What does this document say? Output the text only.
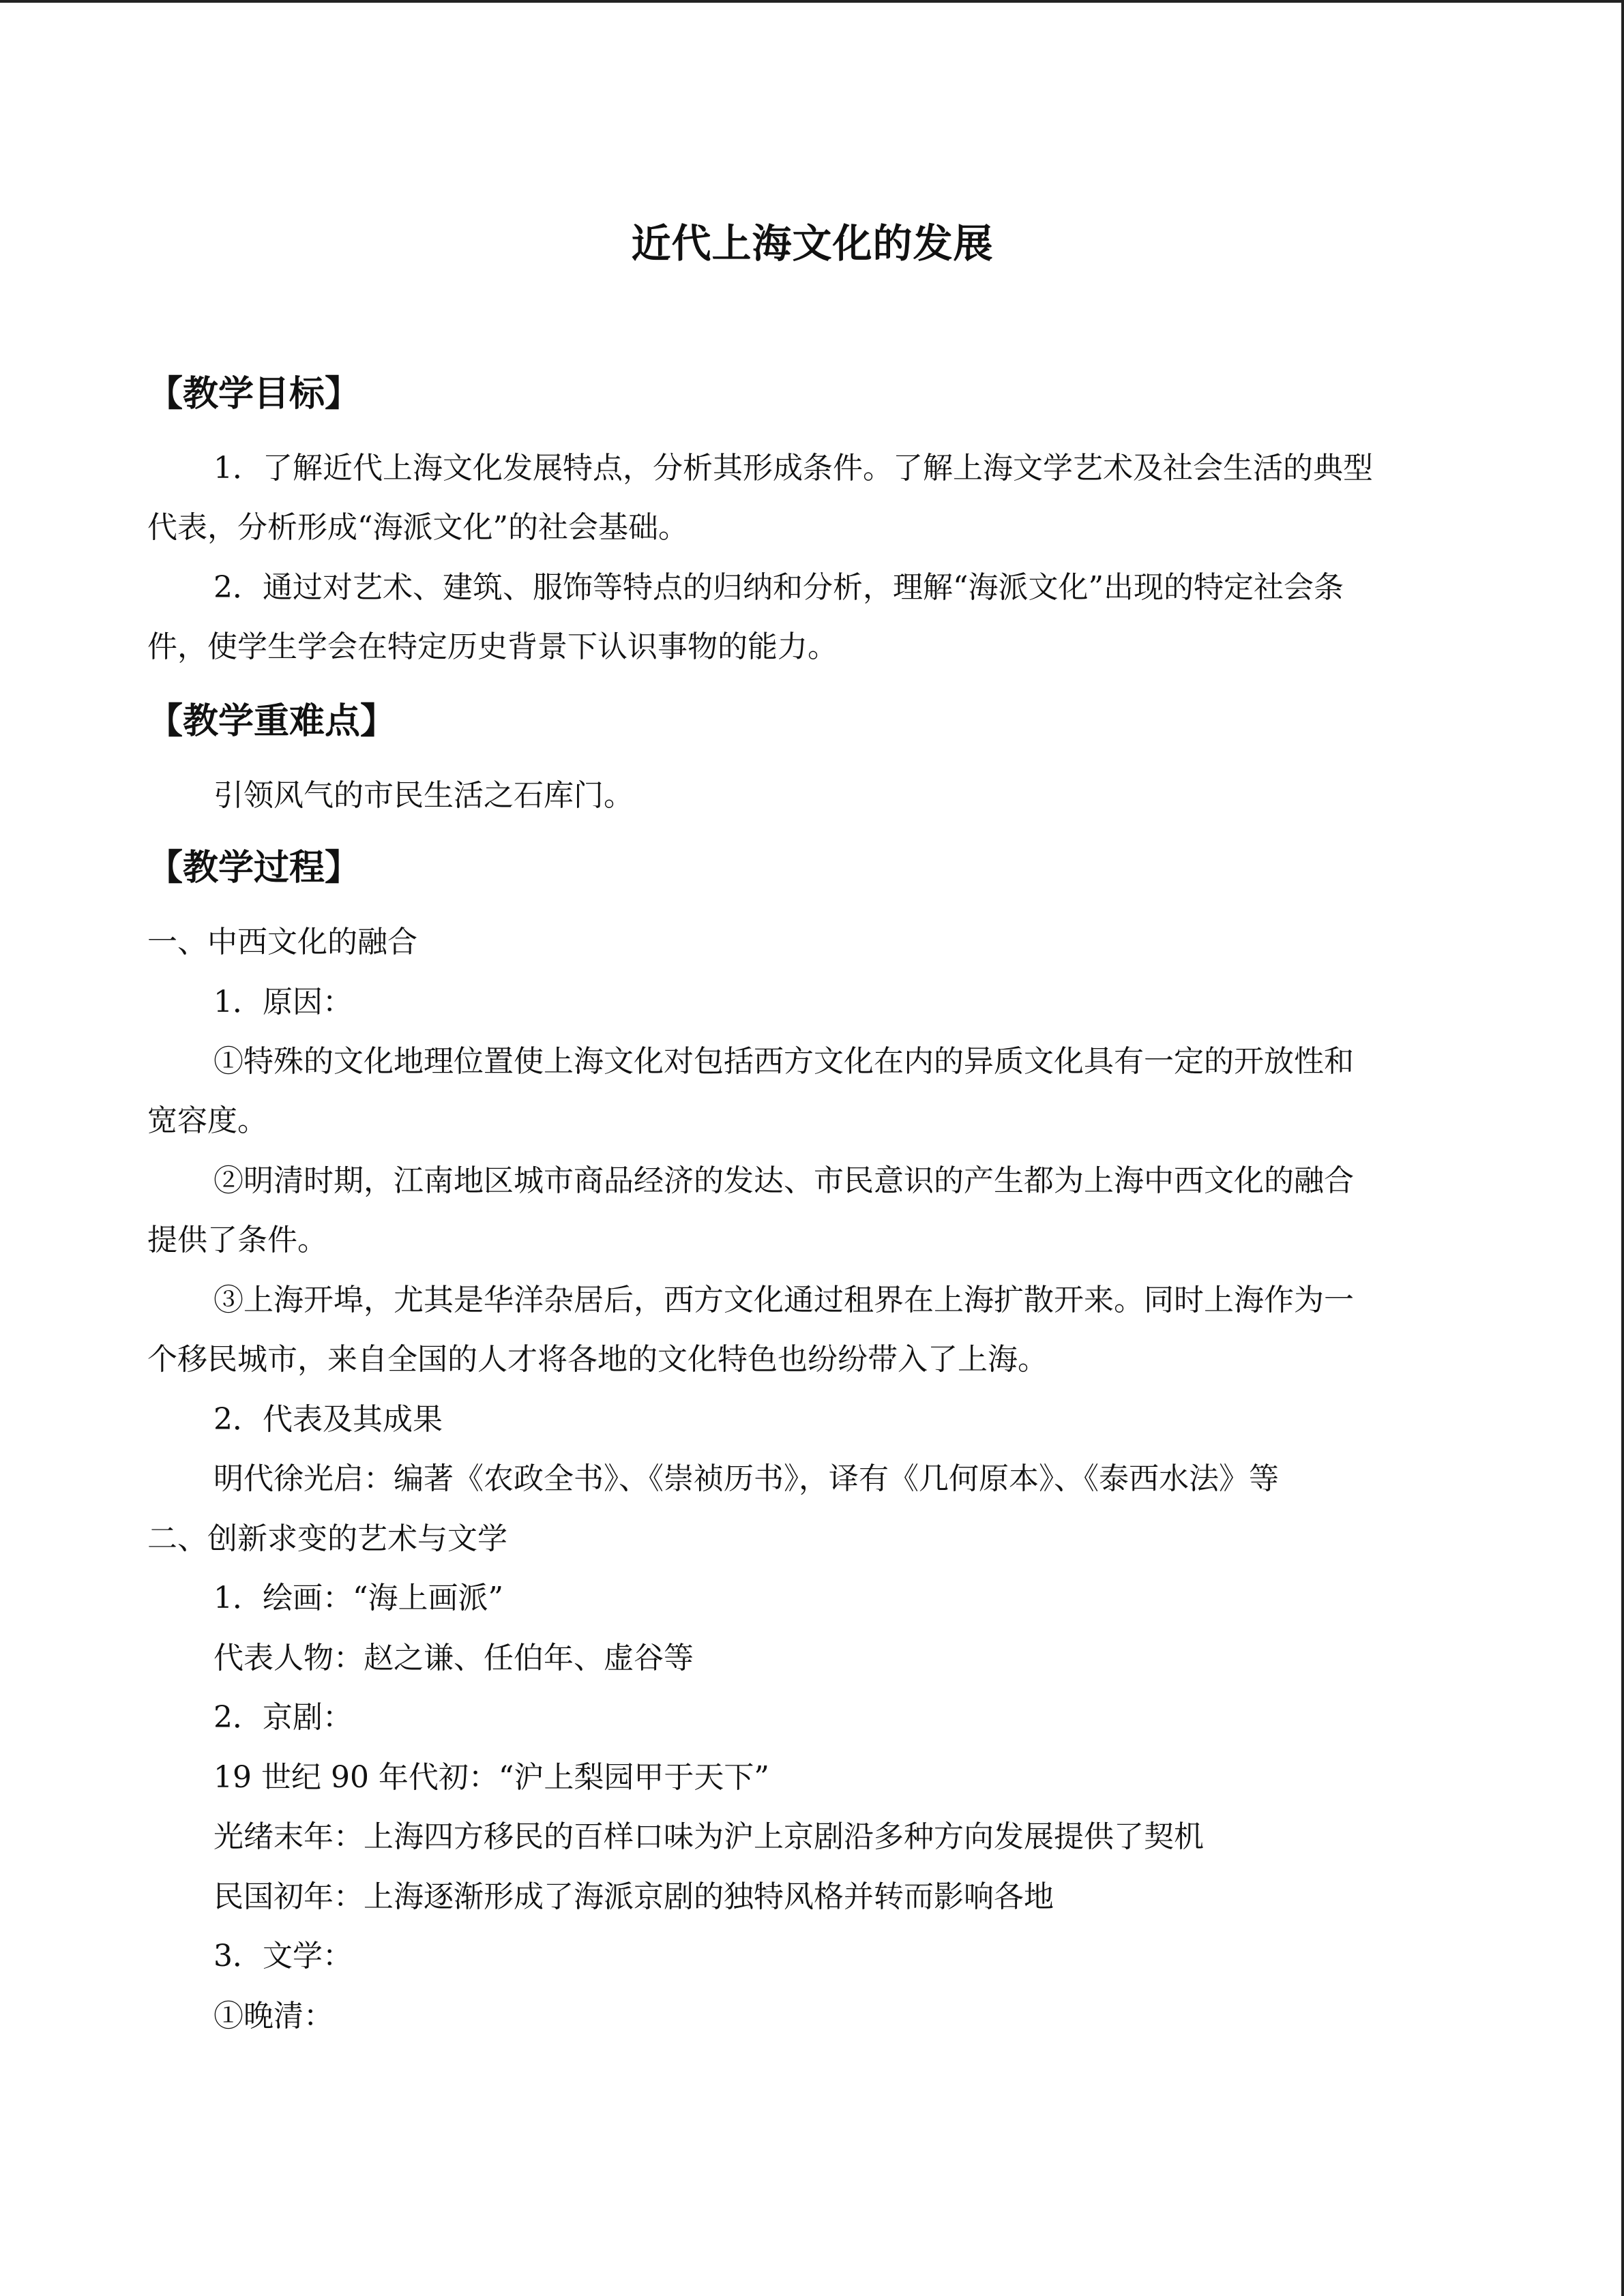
近代上海文化的发展
【教学目标】
1．了解近代上海文化发展特点，分析其形成条件。了解上海文学艺术及社会生活的典型
代表，分析形成“海派文化”的社会基础。
2．通过对艺术、建筑、服饰等特点的归纳和分析，理解“海派文化”出现的特定社会条
件，使学生学会在特定历史背景下认识事物的能力。
【教学重难点】
引领风气的市民生活之石库门。
【教学过程】
一、中西文化的融合
1．原因：
①特殊的文化地理位置使上海文化对包括西方文化在内的异质文化具有一定的开放性和
宽容度。
②明清时期，江南地区城市商品经济的发达、市民意识的产生都为上海中西文化的融合
提供了条件。
③上海开埠，尤其是华洋杂居后，西方文化通过租界在上海扩散开来。同时上海作为一
个移民城市，来自全国的人才将各地的文化特色也纷纷带入了上海。
2．代表及其成果
明代徐光启：编著《农政全书》、《崇祯历书》，译有《几何原本》、《泰西水法》等
二、创新求变的艺术与文学
1．绘画：“海上画派”
代表人物：赵之谦、任伯年、虚谷等
2．京剧：
19 世纪 90 年代初：“沪上梨园甲于天下”
光绪末年：上海四方移民的百样口味为沪上京剧沿多种方向发展提供了契机
民国初年：上海逐渐形成了海派京剧的独特风格并转而影响各地
3．文学：
①晚清：
